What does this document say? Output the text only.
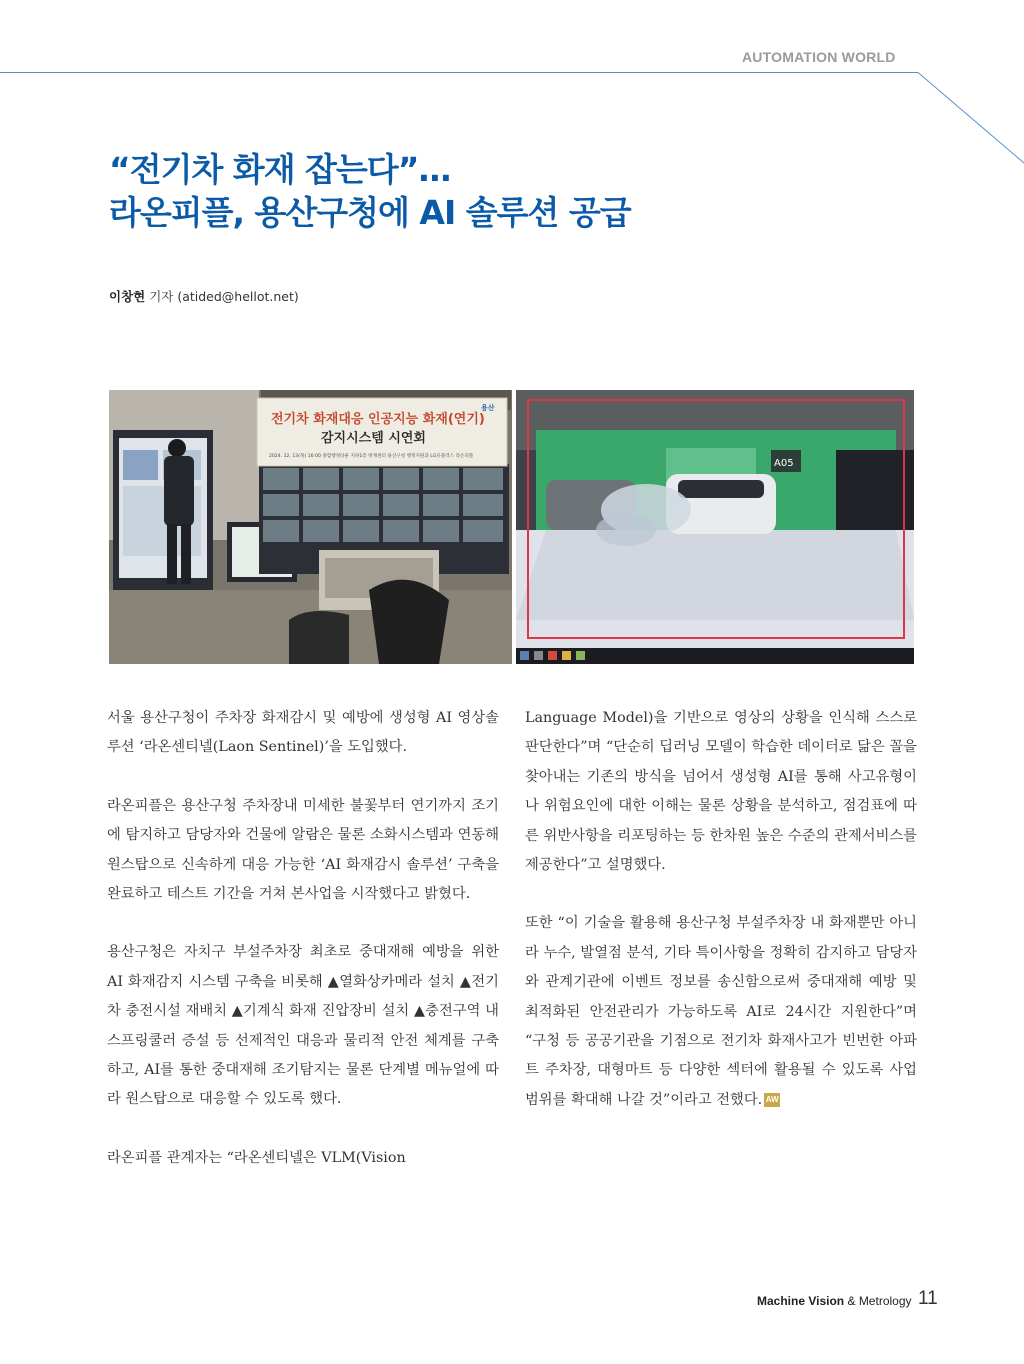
AUTOMATION WORLD
“전기차 화재 잡는다”…
라온피플, 용산구청에 AI 솔루션 공급
이창현 기자 (atided@hellot.net)
전기차 화재대응 인공지능 화재(연기)
감지시스템 시연회
2024. 12. 13(목) 16:00 종합행정타운 지하1층 방재센터 용산구청 행정지원과 LG유플러스 라온피플
용산
A05

서울 용산구청이 주차장 화재감시 및 예방에 생성형 AI 영상솔루션 ‘라온센티넬(Laon Sentinel)’을 도입했다.

라온피플은 용산구청 주차장내 미세한 불꽃부터 연기까지 조기에 탐지하고 담당자와 건물에 알람은 물론 소화시스템과 연동해 원스탑으로 신속하게 대응 가능한 ‘AI 화재감시 솔루션’ 구축을 완료하고 테스트 기간을 거쳐 본사업을 시작했다고 밝혔다.

용산구청은 자치구 부설주차장 최초로 중대재해 예방을 위한 AI 화재감지 시스템 구축을 비롯해 ▲열화상카메라 설치 ▲전기차 충전시설 재배치 ▲기계식 화재 진압장비 설치 ▲충전구역 내 스프링쿨러 증설 등 선제적인 대응과 물리적 안전 체계를 구축하고, AI를 통한 중대재해 조기탐지는 물론 단계별 메뉴얼에 따라 원스탑으로 대응할 수 있도록 했다.

라온피플 관계자는 “라온센티넬은 VLM(Vision

Language Model)을 기반으로 영상의 상황을 인식해 스스로 판단한다”며 “단순히 딥러닝 모델이 학습한 데이터로 닮은 꼴을 찾아내는 기존의 방식을 넘어서 생성형 AI를 통해 사고유형이나 위험요인에 대한 이해는 물론 상황을 분석하고, 점검표에 따른 위반사항을 리포팅하는 등 한차원 높은 수준의 관제서비스를 제공한다”고 설명했다.

또한 “이 기술을 활용해 용산구청 부설주차장 내 화재뿐만 아니라 누수, 발열점 분석, 기타 특이사항을 정확히 감지하고 담당자와 관계기관에 이벤트 정보를 송신함으로써 중대재해 예방 및 최적화된 안전관리가 가능하도록 AI로 24시간 지원한다”며 “구청 등 공공기관을 기점으로 전기차 화재사고가 빈번한 아파트 주차장, 대형마트 등 다양한 섹터에 활용될 수 있도록 사업 범위를 확대해 나갈 것”이라고 전했다. AW

Machine Vision & Metrology 11
